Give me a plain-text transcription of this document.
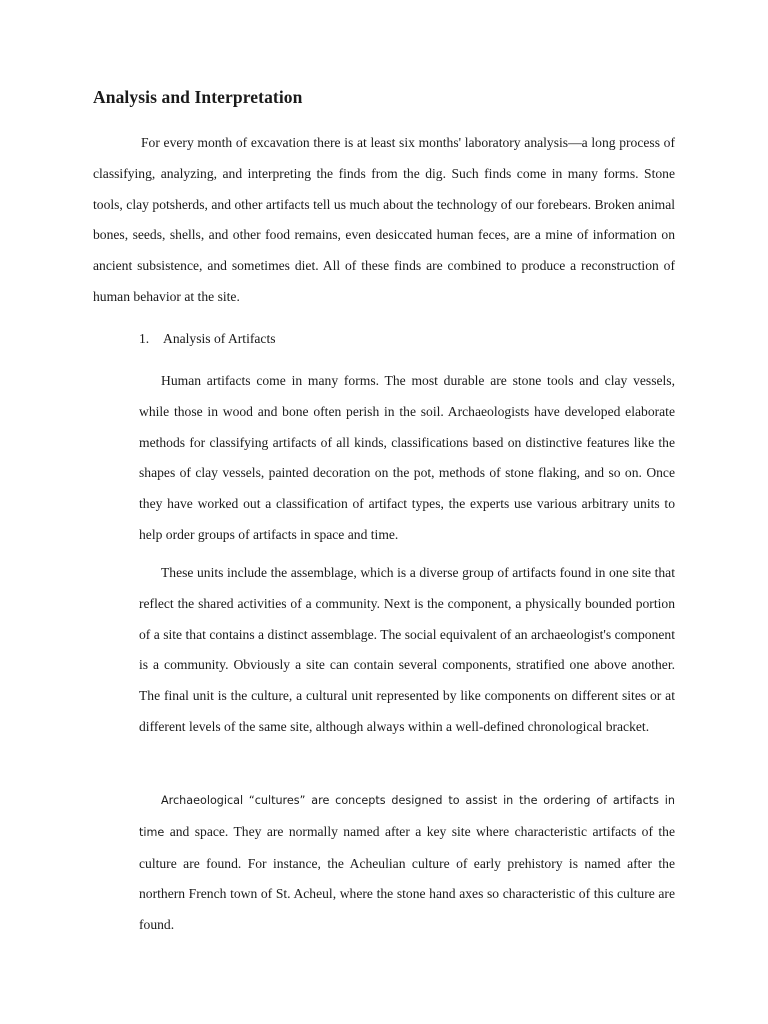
Analysis and Interpretation

For every month of excavation there is at least six months' laboratory analysis—a long process of classifying, analyzing, and interpreting the finds from the dig. Such finds come in many forms. Stone tools, clay potsherds, and other artifacts tell us much about the technology of our forebears. Broken animal bones, seeds, shells, and other food remains, even desiccated human feces, are a mine of information on ancient subsistence, and sometimes diet. All of these finds are combined to produce a reconstruction of human behavior at the site.

1. Analysis of Artifacts

Human artifacts come in many forms. The most durable are stone tools and clay vessels, while those in wood and bone often perish in the soil. Archaeologists have developed elaborate methods for classifying artifacts of all kinds, classifications based on distinctive features like the shapes of clay vessels, painted decoration on the pot, methods of stone flaking, and so on. Once they have worked out a classification of artifact types, the experts use various arbitrary units to help order groups of artifacts in space and time.

These units include the assemblage, which is a diverse group of artifacts found in one site that reflect the shared activities of a community. Next is the component, a physically bounded portion of a site that contains a distinct assemblage. The social equivalent of an archaeologist's component is a community. Obviously a site can contain several components, stratified one above another. The final unit is the culture, a cultural unit represented by like components on different sites or at different levels of the same site, although always within a well-defined chronological bracket.

Archaeological “cultures” are concepts designed to assist in the ordering of artifacts in time and space. They are normally named after a key site where characteristic artifacts of the culture are found. For instance, the Acheulian culture of early prehistory is named after the northern French town of St. Acheul, where the stone hand axes so characteristic of this culture are found.
